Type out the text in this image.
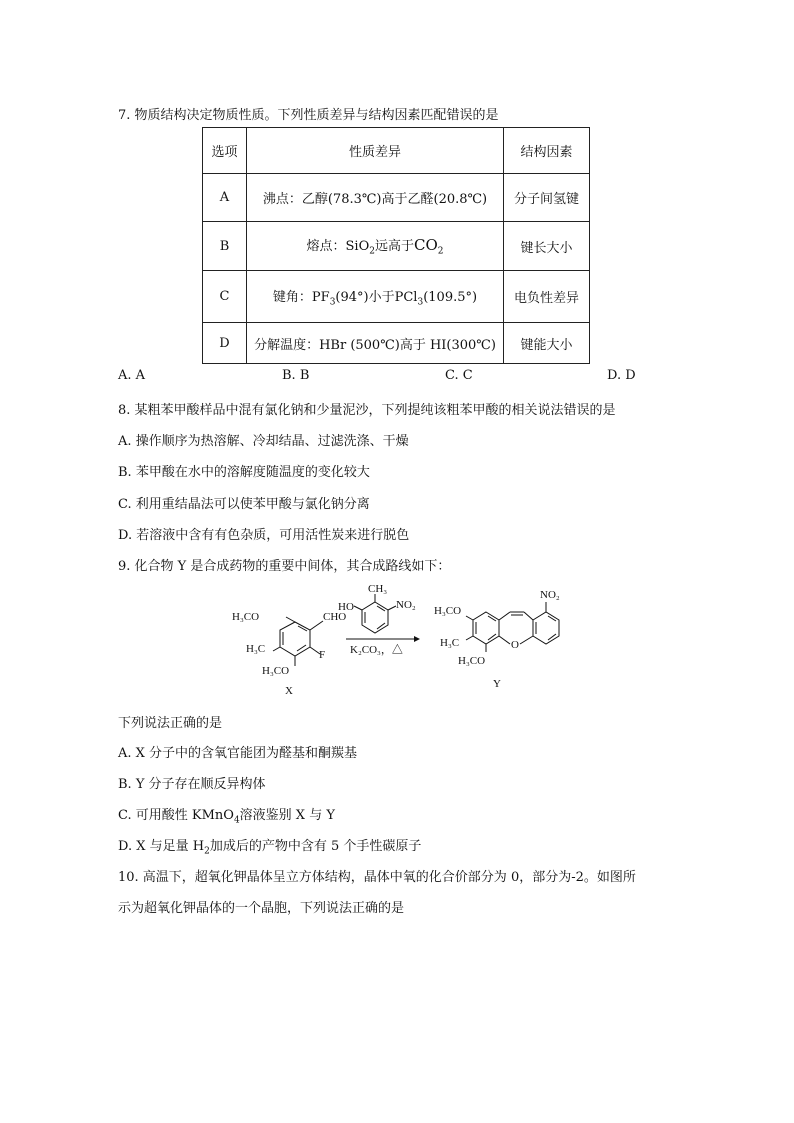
7. 物质结构决定物质性质。下列性质差异与结构因素匹配错误的是
选项	性质差异	结构因素
A	沸点：乙醇(78.3℃)高于乙醛(20.8℃)	分子间氢键
B	熔点：SiO$_2$远高于$CO_2$	键长大小
C	键角：$PF_3(94^\circ)$小于PCl$_3$(109.5°)	电负性差异
D	分解温度：HBr (500℃)高于 HI(300℃)	键能大小
A. A	B. B	C. C	D. D
8. 某粗苯甲酸样品中混有氯化钠和少量泥沙，下列提纯该粗苯甲酸的相关说法错误的是
A. 操作顺序为热溶解、冷却结晶、过滤洗涤、干燥
B. 苯甲酸在水中的溶解度随温度的变化较大
C. 利用重结晶法可以使苯甲酸与氯化钠分离
D. 若溶液中含有有色杂质，可用活性炭来进行脱色
9. 化合物 Y 是合成药物的重要中间体，其合成路线如下：
H₃CO
H₃C
H₃CO
CHO
F
X
CH₃
HO	NO₂
K₂CO₃，△
H₃CO
H₃C
H₃CO
O
NO₂
Y
下列说法正确的是
A. X 分子中的含氧官能团为醛基和酮羰基
B. Y 分子存在顺反异构体
C. 可用酸性 KMnO$_4$溶液鉴别 X 与 Y
D. X 与足量 $H_2$加成后的产物中含有 5 个手性碳原子
10. 高温下，超氧化钾晶体呈立方体结构，晶体中氧的化合价部分为 0，部分为-2。如图所
示为超氧化钾晶体的一个晶胞，下列说法正确的是
